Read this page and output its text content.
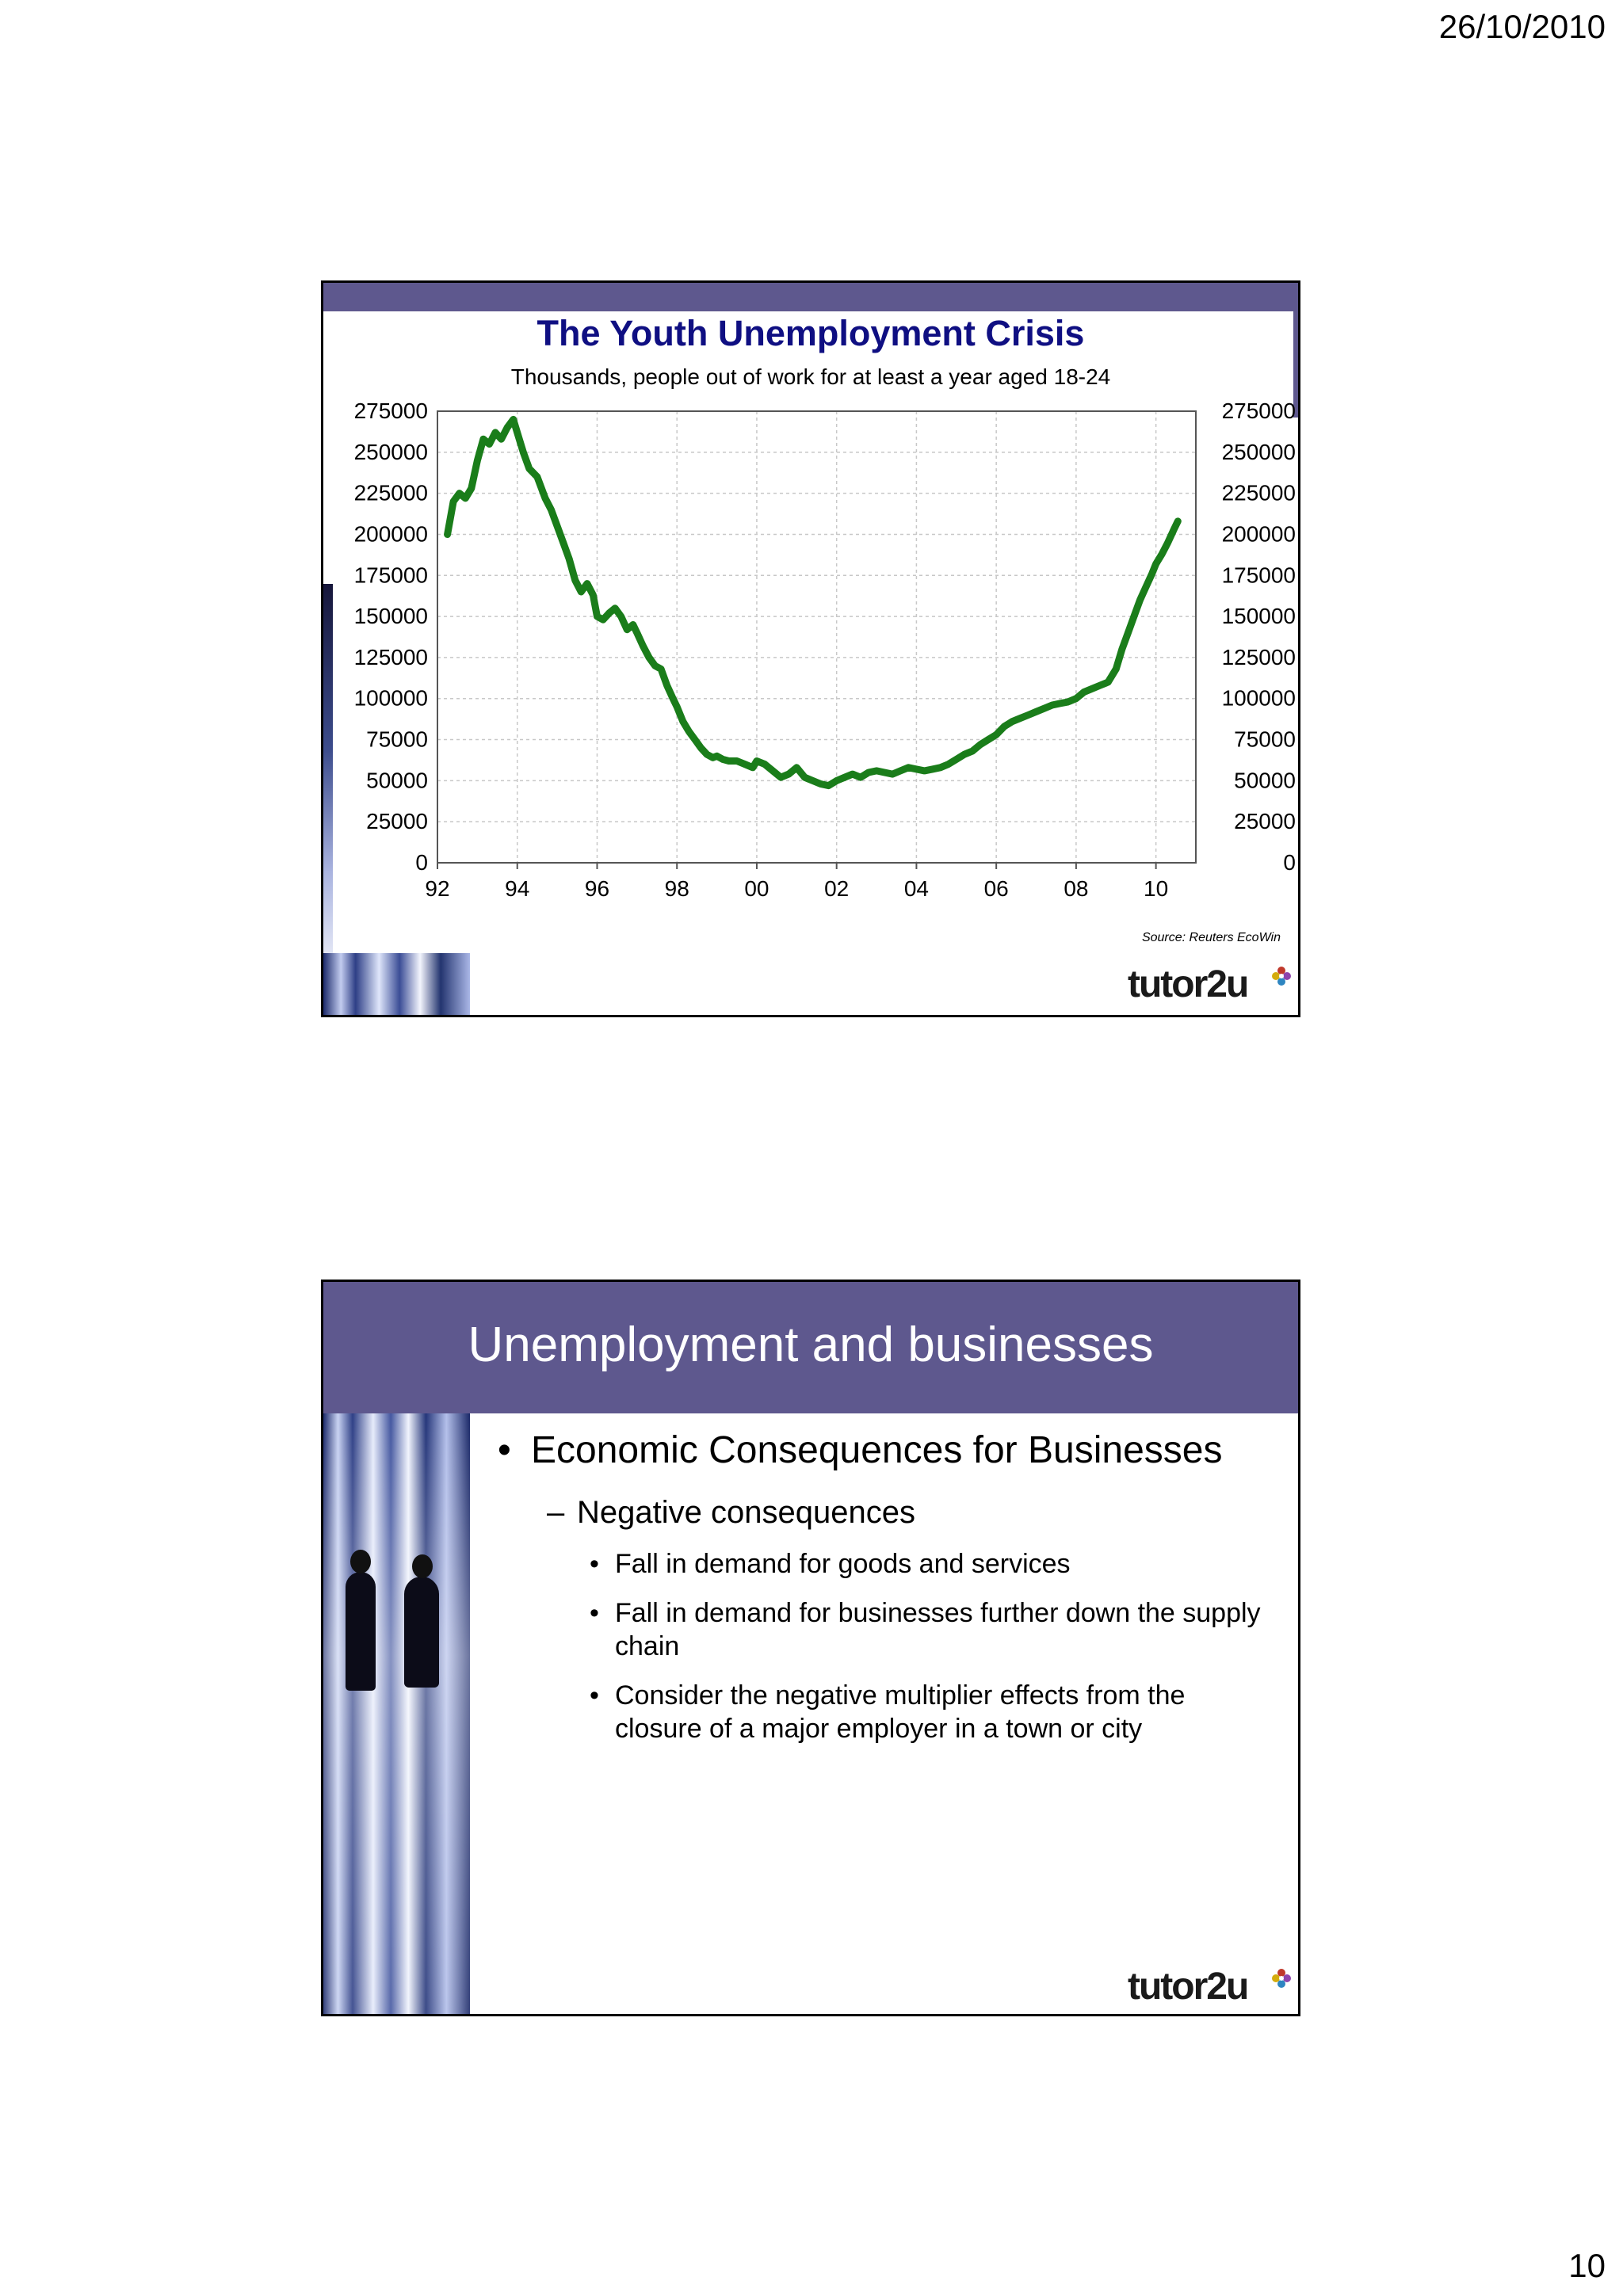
26/10/2010
The Youth Unemployment Crisis
Thousands, people out of work for at least a year aged 18-24
0
25000
50000
75000
100000
125000
150000
175000
200000
225000
250000
275000
0
25000
50000
75000
100000
125000
150000
175000
200000
225000
250000
275000
92 94 96 98 00 02 04 06 08 10
Source: Reuters EcoWin
tutor2u
Unemployment and businesses
• Economic Consequences for Businesses
– Negative consequences
• Fall in demand for goods and services
• Fall in demand for businesses further down the supply chain
• Consider the negative multiplier effects from the closure of a major employer in a town or city
tutor2u
10
